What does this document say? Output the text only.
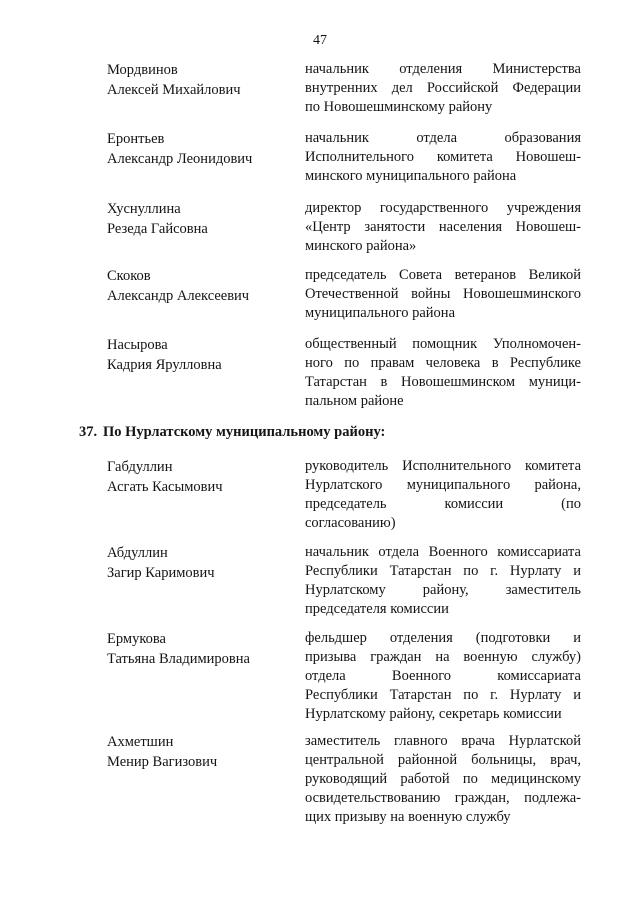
47
Мордвинов
Алексей Михайлович
начальник отделения Министерства
внутренних дел Российской Федерации
по Новошешминскому району
Еронтьев
Александр Леонидович
начальник отдела образования
Исполнительного комитета Новошеш-
минского муниципального района
Хуснуллина
Резеда Гайсовна
директор государственного учреждения
«Центр занятости населения Новошеш-
минского района»
Скоков
Александр Алексеевич
председатель Совета ветеранов Великой
Отечественной войны Новошешминского
муниципального района
Насырова
Кадрия Ярулловна
общественный помощник Уполномочен-
ного по правам человека в Республике
Татарстан в Новошешминском муници-
пальном районе
37. По Нурлатскому муниципальному району:
Габдуллин
Асгать Касымович
руководитель Исполнительного комитета
Нурлатского муниципального района,
председатель комиссии (по
согласованию)
Абдуллин
Загир Каримович
начальник отдела Военного комиссариата
Республики Татарстан по г. Нурлату и
Нурлатскому району, заместитель
председателя комиссии
Ермукова
Татьяна Владимировна
фельдшер отделения (подготовки и
призыва граждан на военную службу)
отдела Военного комиссариата
Республики Татарстан по г. Нурлату и
Нурлатскому району, секретарь комиссии
Ахметшин
Менир Вагизович
заместитель главного врача Нурлатской
центральной районной больницы, врач,
руководящий работой по медицинскому
освидетельствованию граждан, подлежа-
щих призыву на военную службу
